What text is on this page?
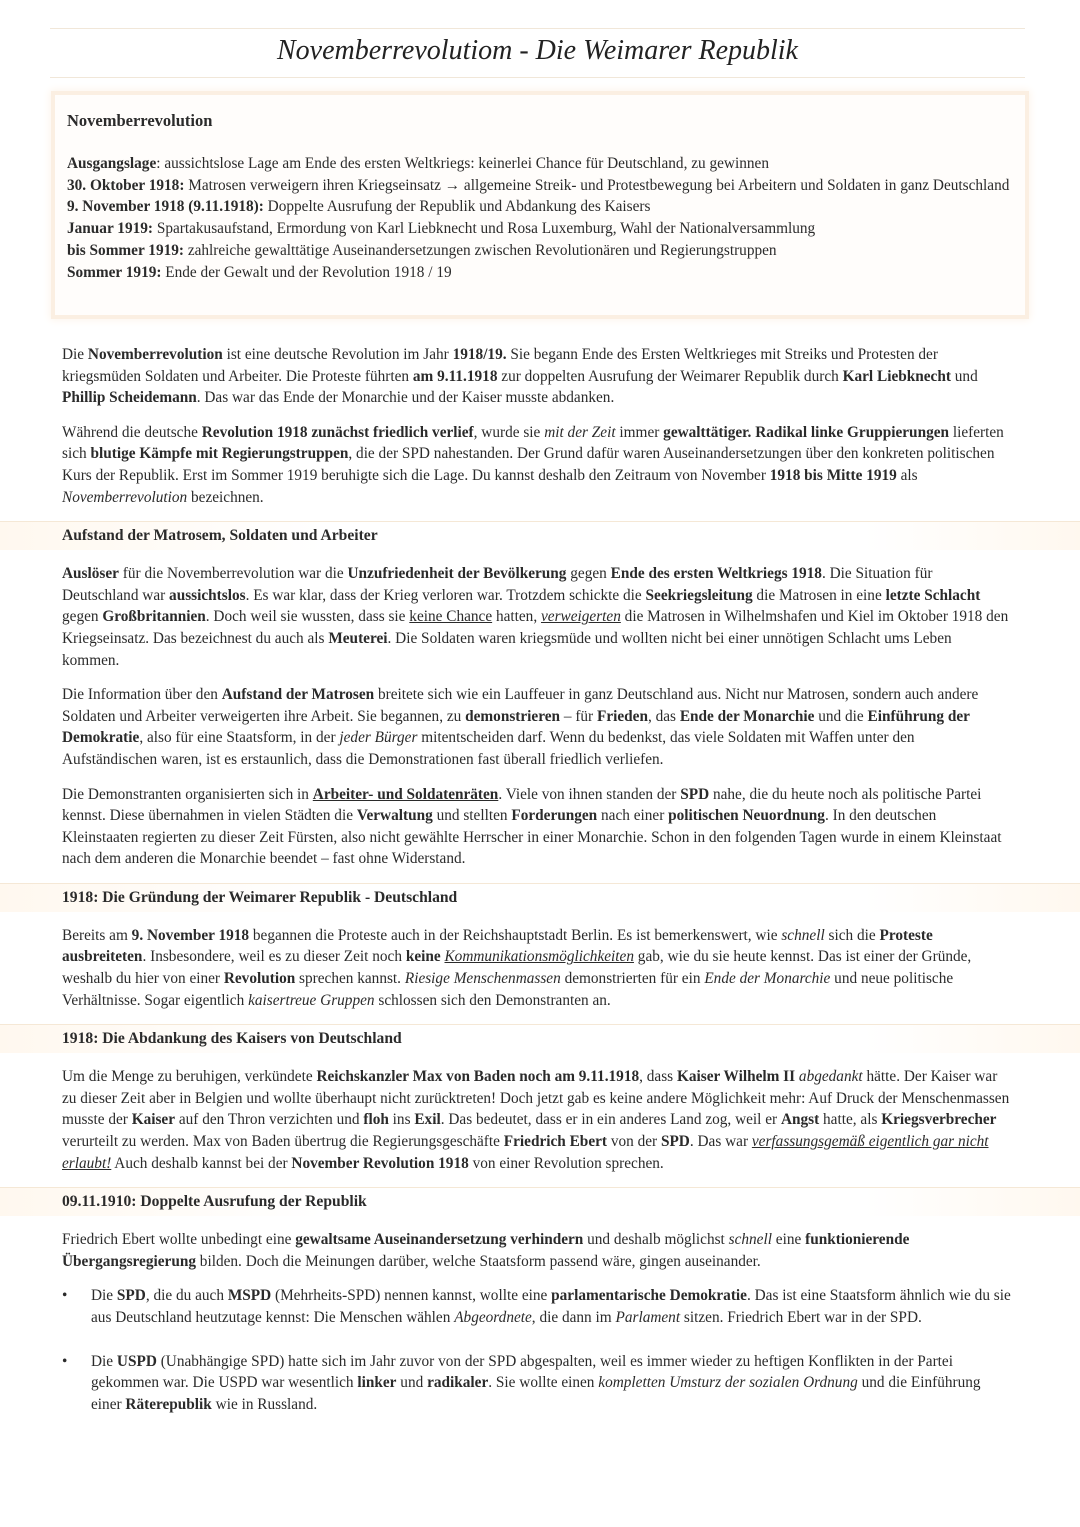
Novemberrevolutiom - Die Weimarer Republik
Novemberrevolution
Ausgangslage: aussichtslose Lage am Ende des ersten Weltkriegs: keinerlei Chance für Deutschland, zu gewinnen
30. Oktober 1918: Matrosen verweigern ihren Kriegseinsatz → allgemeine Streik- und Protestbewegung bei Arbeitern und Soldaten in ganz Deutschland
9. November 1918 (9.11.1918): Doppelte Ausrufung der Republik und Abdankung des Kaisers
Januar 1919: Spartakusaufstand, Ermordung von Karl Liebknecht und Rosa Luxemburg, Wahl der Nationalversammlung
bis Sommer 1919: zahlreiche gewalttätige Auseinandersetzungen zwischen Revolutionären und Regierungstruppen
Sommer 1919: Ende der Gewalt und der Revolution 1918 / 19

Die Novemberrevolution ist eine deutsche Revolution im Jahr 1918/19. Sie begann Ende des Ersten Weltkrieges mit Streiks und Protesten der kriegsmüden Soldaten und Arbeiter. Die Proteste führten am 9.11.1918 zur doppelten Ausrufung der Weimarer Republik durch Karl Liebknecht und Phillip Scheidemann. Das war das Ende der Monarchie und der Kaiser musste abdanken.

Während die deutsche Revolution 1918 zunächst friedlich verlief, wurde sie mit der Zeit immer gewalttätiger. Radikal linke Gruppierungen lieferten sich blutige Kämpfe mit Regierungstruppen, die der SPD nahestanden. Der Grund dafür waren Auseinandersetzungen über den konkreten politischen Kurs der Republik. Erst im Sommer 1919 beruhigte sich die Lage. Du kannst deshalb den Zeitraum von November 1918 bis Mitte 1919 als Novemberrevolution bezeichnen.

Aufstand der Matrosem, Soldaten und Arbeiter

Auslöser für die Novemberrevolution war die Unzufriedenheit der Bevölkerung gegen Ende des ersten Weltkriegs 1918. Die Situation für Deutschland war aussichtslos. Es war klar, dass der Krieg verloren war. Trotzdem schickte die Seekriegsleitung die Matrosen in eine letzte Schlacht gegen Großbritannien. Doch weil sie wussten, dass sie keine Chance hatten, verweigerten die Matrosen in Wilhelmshafen und Kiel im Oktober 1918 den Kriegseinsatz. Das bezeichnest du auch als Meuterei. Die Soldaten waren kriegsmüde und wollten nicht bei einer unnötigen Schlacht ums Leben kommen.

Die Information über den Aufstand der Matrosen breitete sich wie ein Lauffeuer in ganz Deutschland aus. Nicht nur Matrosen, sondern auch andere Soldaten und Arbeiter verweigerten ihre Arbeit. Sie begannen, zu demonstrieren – für Frieden, das Ende der Monarchie und die Einführung der Demokratie, also für eine Staatsform, in der jeder Bürger mitentscheiden darf. Wenn du bedenkst, das viele Soldaten mit Waffen unter den Aufständischen waren, ist es erstaunlich, dass die Demonstrationen fast überall friedlich verliefen.

Die Demonstranten organisierten sich in Arbeiter- und Soldatenräten. Viele von ihnen standen der SPD nahe, die du heute noch als politische Partei kennst. Diese übernahmen in vielen Städten die Verwaltung und stellten Forderungen nach einer politischen Neuordnung. In den deutschen Kleinstaaten regierten zu dieser Zeit Fürsten, also nicht gewählte Herrscher in einer Monarchie. Schon in den folgenden Tagen wurde in einem Kleinstaat nach dem anderen die Monarchie beendet – fast ohne Widerstand.

1918: Die Gründung der Weimarer Republik - Deutschland

Bereits am 9. November 1918 begannen die Proteste auch in der Reichshauptstadt Berlin. Es ist bemerkenswert, wie schnell sich die Proteste ausbreiteten. Insbesondere, weil es zu dieser Zeit noch keine Kommunikationsmöglichkeiten gab, wie du sie heute kennst. Das ist einer der Gründe, weshalb du hier von einer Revolution sprechen kannst. Riesige Menschenmassen demonstrierten für ein Ende der Monarchie und neue politische Verhältnisse. Sogar eigentlich kaisertreue Gruppen schlossen sich den Demonstranten an.

1918: Die Abdankung des Kaisers von Deutschland

Um die Menge zu beruhigen, verkündete Reichskanzler Max von Baden noch am 9.11.1918, dass Kaiser Wilhelm II abgedankt hätte. Der Kaiser war zu dieser Zeit aber in Belgien und wollte überhaupt nicht zurücktreten! Doch jetzt gab es keine andere Möglichkeit mehr: Auf Druck der Menschenmassen musste der Kaiser auf den Thron verzichten und floh ins Exil. Das bedeutet, dass er in ein anderes Land zog, weil er Angst hatte, als Kriegsverbrecher verurteilt zu werden. Max von Baden übertrug die Regierungsgeschäfte Friedrich Ebert von der SPD. Das war verfassungsgemäß eigentlich gar nicht erlaubt! Auch deshalb kannst bei der November Revolution 1918 von einer Revolution sprechen.

09.11.1910: Doppelte Ausrufung der Republik

Friedrich Ebert wollte unbedingt eine gewaltsame Auseinandersetzung verhindern und deshalb möglichst schnell eine funktionierende Übergangsregierung bilden. Doch die Meinungen darüber, welche Staatsform passend wäre, gingen auseinander.

• Die SPD, die du auch MSPD (Mehrheits-SPD) nennen kannst, wollte eine parlamentarische Demokratie. Das ist eine Staatsform ähnlich wie du sie aus Deutschland heutzutage kennst: Die Menschen wählen Abgeordnete, die dann im Parlament sitzen. Friedrich Ebert war in der SPD.

• Die USPD (Unabhängige SPD) hatte sich im Jahr zuvor von der SPD abgespalten, weil es immer wieder zu heftigen Konflikten in der Partei gekommen war. Die USPD war wesentlich linker und radikaler. Sie wollte einen kompletten Umsturz der sozialen Ordnung und die Einführung einer Räterepublik wie in Russland.
